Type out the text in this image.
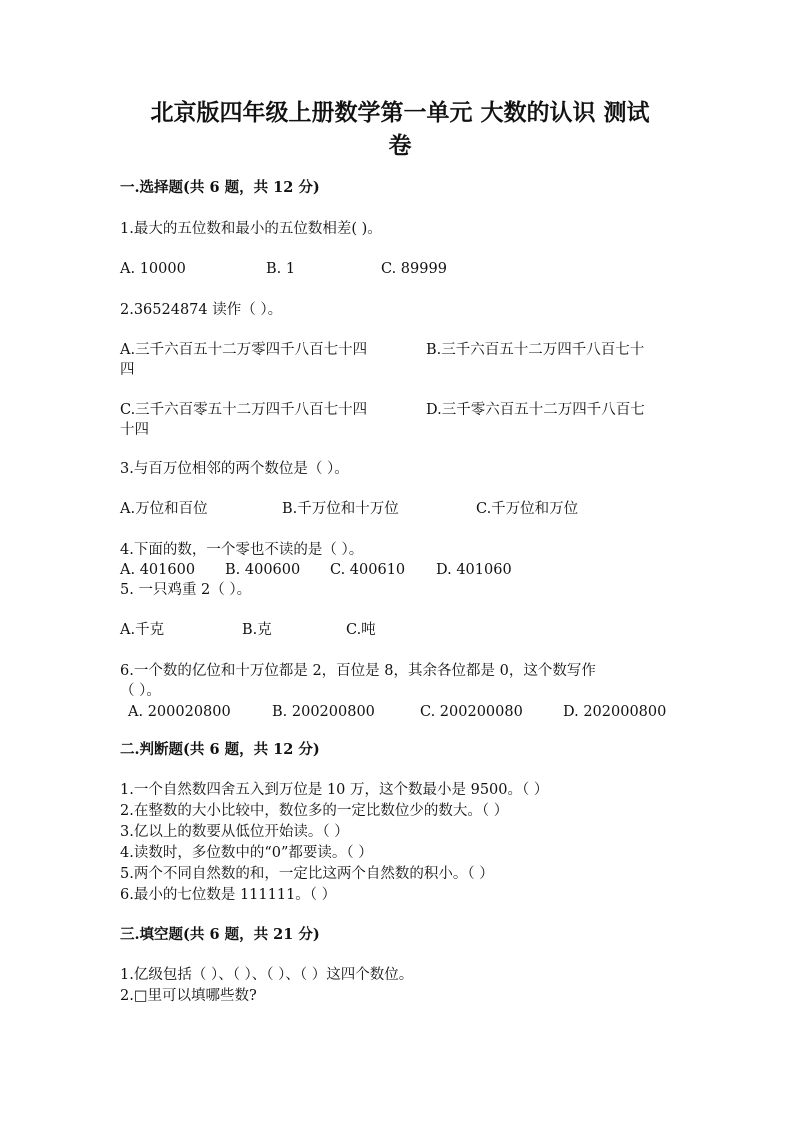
北京版四年级上册数学第一单元 大数的认识 测试
卷
一.选择题(共 6 题，共 12 分)
1.最大的五位数和最小的五位数相差( )。
A. 10000	B. 1	C. 89999
2.36524874 读作（ ）。
A.三千六百五十二万零四千八百七十四
四
B.三千六百五十二万四千八百七十
C.三千六百零五十二万四千八百七十四	D.三千零六百五十二万四千八百七
十四
3.与百万位相邻的两个数位是（ ）。
A.万位和百位	B.千万位和十万位	C.千万位和万位
4.下面的数，一个零也不读的是（ ）。
A. 401600 B. 400600 C. 400610 D. 401060
5. 一只鸡重 2（ ）。
A.千克	B.克	C.吨
6.一个数的亿位和十万位都是 2，百位是 8，其余各位都是 0，这个数写作
（ ）。
A. 200020800	B. 200200800	C. 200200080	D. 202000800
二.判断题(共 6 题，共 12 分)
1.一个自然数四舍五入到万位是 10 万，这个数最小是 9500。（ ）
2.在整数的大小比较中，数位多的一定比数位少的数大。（ ）
3.亿以上的数要从低位开始读。（ ）
4.读数时，多位数中的“0”都要读。（ ）
5.两个不同自然数的和，一定比这两个自然数的积小。（ ）
6.最小的七位数是 111111。（ ）
三.填空题(共 6 题，共 21 分)
1.亿级包括（ ）、（ ）、（ ）、（ ）这四个数位。
2.□里可以填哪些数?
